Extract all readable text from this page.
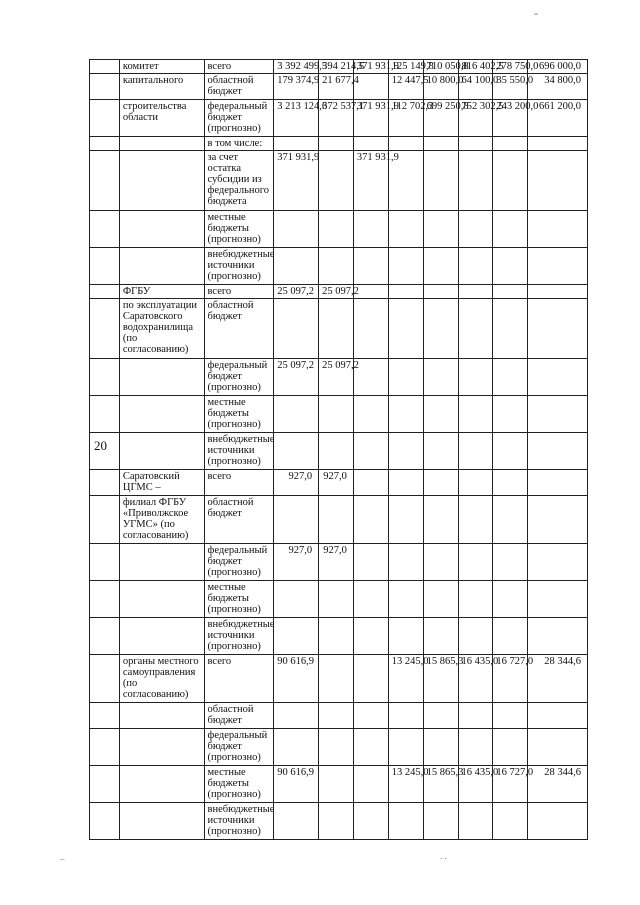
20
“
. .
–
	комитет	всего	3 392 499,5	394 214,5	371 931,9	125 149,8	710 050,8	816 402,5	278 750,0	696 000,0
	капитального	областной бюджет	179 374,9	21 677,4		12 447,5	10 800,0	64 100,0	35 550,0	34 800,0
	строительства области	федеральный бюджет (прогнозно)	3 213 124,6	372 537,1	371 931,9	112 702,3	699 250,8	752 302,5	243 200,0	661 200,0
		в том числе:								
		за счет остатка субсидии из федерального бюджета	371 931,9		371 931,9					
		местные бюджеты (прогнозно)								
		внебюджетные источники (прогнозно)								
	ФГБУ	всего	25 097,2	25 097,2						
	по эксплуатации Саратовского водохранилища (по согласованию)	областной бюджет								
		федеральный бюджет (прогнозно)	25 097,2	25 097,2						
		местные бюджеты (прогнозно)								
		внебюджетные источники (прогнозно)								
	Саратовский ЦГМС –	всего	927,0	927,0						
	филиал ФГБУ «Приволжское УГМС» (по согласованию)	областной бюджет								
		федеральный бюджет (прогнозно)	927,0	927,0						
		местные бюджеты (прогнозно)								
		внебюджетные источники (прогнозно)								
	органы местного самоуправления (по согласованию)	всего	90 616,9			13 245,0	15 865,3	16 435,0	16 727,0	28 344,6
		областной бюджет								
		федеральный бюджет (прогнозно)								
		местные бюджеты (прогнозно)	90 616,9			13 245,0	15 865,3	16 435,0	16 727,0	28 344,6
		внебюджетные источники (прогнозно)								
